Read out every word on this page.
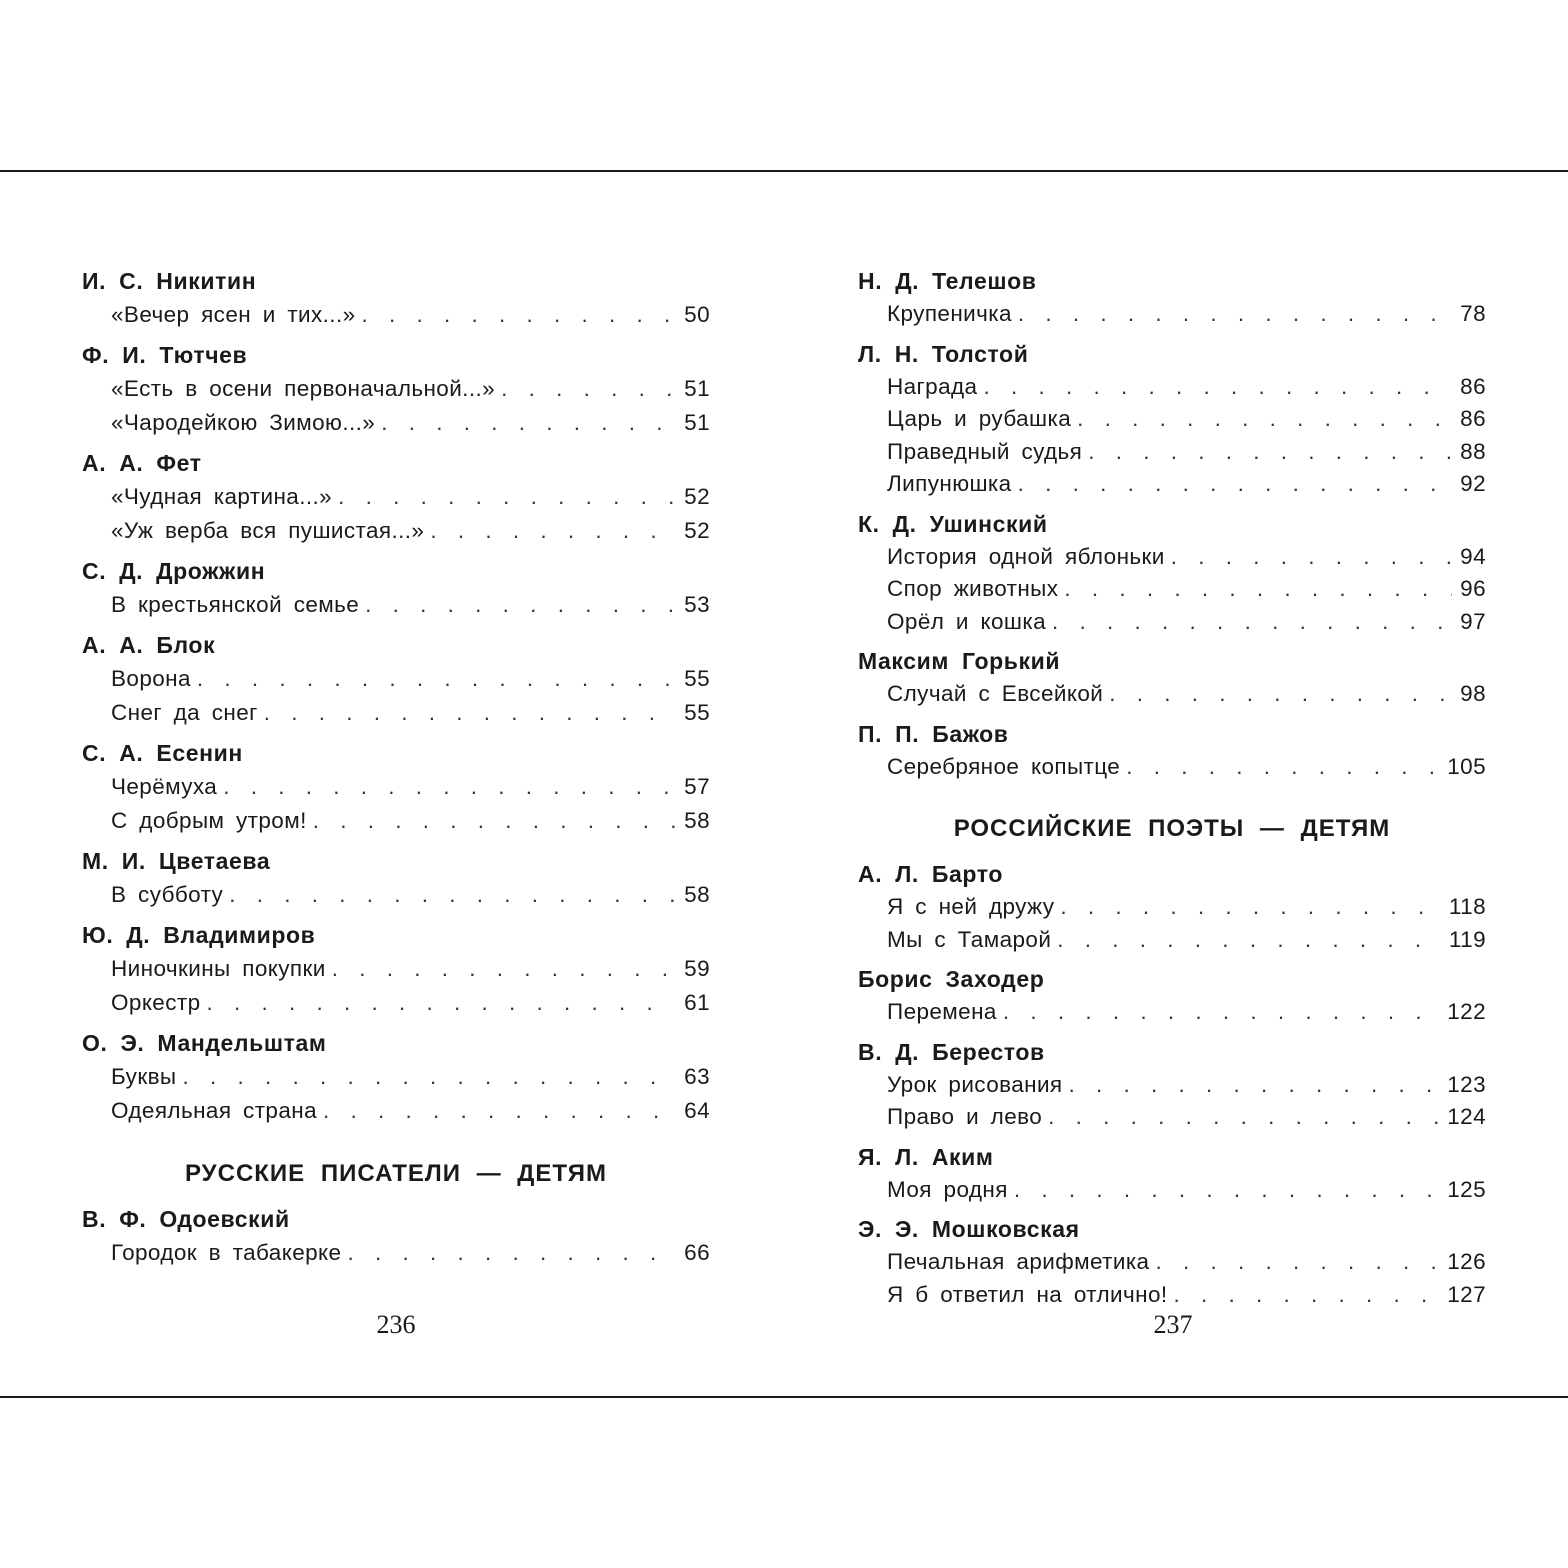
И. С. Никитин
«Вечер ясен и тих...» . . .	50
Ф. И. Тютчев
«Есть в осени первоначальной...» . . .	51
«Чародейкою Зимою...» . . .	51
А. А. Фет
«Чудная картина...» . . .	52
«Уж верба вся пушистая...» . . .	52
С. Д. Дрожжин
В крестьянской семье . . .	53
А. А. Блок
Ворона . . .	55
Снег да снег . . .	55
С. А. Есенин
Черёмуха . . .	57
С добрым утром! . . .	58
М. И. Цветаева
В субботу . . .	58
Ю. Д. Владимиров
Ниночкины покупки . . .	59
Оркестр . . .	61
О. Э. Мандельштам
Буквы . . .	63
Одеяльная страна . . .	64
РУССКИЕ ПИСАТЕЛИ — ДЕТЯМ
В. Ф. Одоевский
Городок в табакерке . . .	66
Н. Д. Телешов
Крупеничка . . .	78
Л. Н. Толстой
Награда . . .	86
Царь и рубашка . . .	86
Праведный судья . . .	88
Липунюшка . . .	92
К. Д. Ушинский
История одной яблоньки . . .	94
Спор животных . . .	96
Орёл и кошка . . .	97
Максим Горький
Случай с Евсейкой . . .	98
П. П. Бажов
Серебряное копытце . . .	105
РОССИЙСКИЕ ПОЭТЫ — ДЕТЯМ
А. Л. Барто
Я с ней дружу . . .	118
Мы с Тамарой . . .	119
Борис Заходер
Перемена . . .	122
В. Д. Берестов
Урок рисования . . .	123
Право и лево . . .	124
Я. Л. Аким
Моя родня . . .	125
Э. Э. Мошковская
Печальная арифметика . . .	126
Я б ответил на отлично! . . .	127
236	237
